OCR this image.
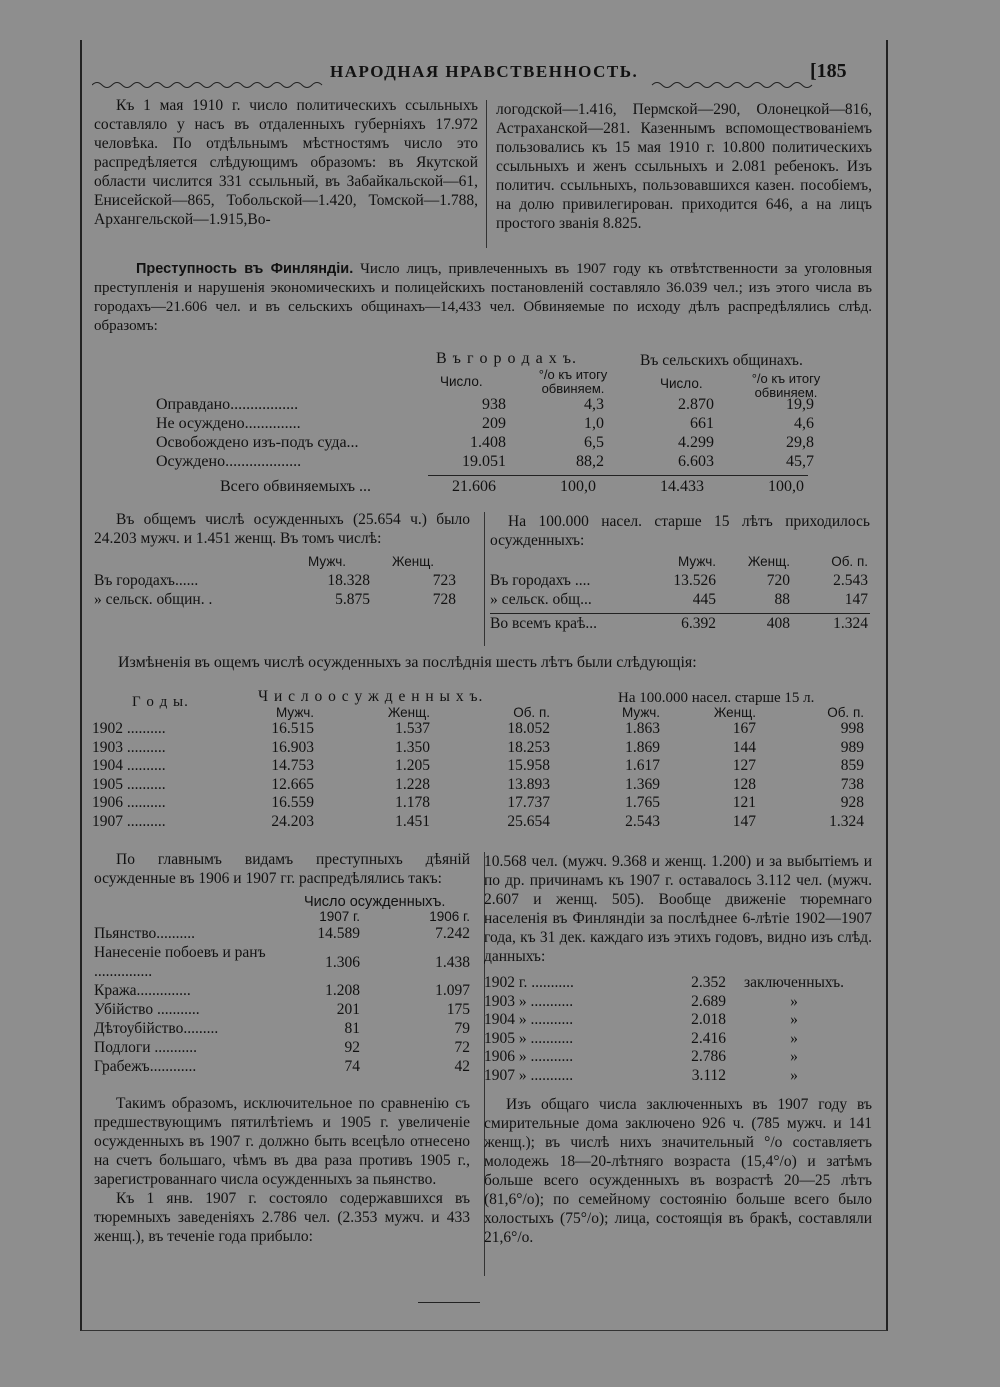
НАРОДНАЯ НРАВСТВЕННОСТЬ.	[185

Къ 1 мая 1910 г. число политическихъ ссыльныхъ составляло у насъ въ отдаленныхъ губерніяхъ 17.972 человѣка. По отдѣльнымъ мѣстностямъ число это распредѣляется слѣдующимъ образомъ: въ Якутской области числится 331 ссыльный, въ Забайкальской—61, Енисейской—865, Тобольской—1.420, Томской—1.788, Архангельской—1.915,Во-

логодской—1.416, Пермской—290, Олонецкой—816, Астраханской—281. Казеннымъ вспомоществованіемъ пользовались къ 15 мая 1910 г. 10.800 политическихъ ссыльныхъ и женъ ссыльныхъ и 2.081 ребенокъ. Изъ политич. ссыльныхъ, пользовавшихся казен. пособіемъ, на долю привилегирован. приходится 646, а на лицъ простого званія 8.825.

Преступность въ Финляндіи. Число лицъ, привлеченныхъ въ 1907 году къ отвѣтственности за уголовныя преступленія и нарушенія экономическихъ и полицейскихъ постановленій составляло 36.039 чел.; изъ этого числа въ городахъ—21.606 чел. и въ сельскихъ общинахъ—14,433 чел. Обвиняемые по исходу дѣлъ распредѣлялись слѣд. образомъ:

В ъ г о р о д а х ъ.	Въ сельскихъ общинахъ.
Число.	°/о къ итогу обвиняем.	Число.	°/о къ итогу обвиняем.
Оправдано.................	938	4,3	2.870	19,9
Не осуждено..............	209	1,0	661	4,6
Освобождено изъ-подъ суда...	1.408	6,5	4.299	29,8
Осуждено...................	19.051	88,2	6.603	45,7
Всего обвиняемыхъ ...	21.606	100,0	14.433	100,0

Въ общемъ числѣ осужденныхъ (25.654 ч.) было 24.203 мужч. и 1.451 женщ. Въ томъ числѣ:

	Мужч.	Женщ.
Въ городахъ......	18.328	723
» сельск. общин. .	5.875	728

На 100.000 насел. старше 15 лѣтъ приходилось осужденныхъ:

	Мужч.	Женщ.	Об. п.
Въ городахъ ....	13.526	720	2.543
» сельск. общ...	445	88	147
Во всемъ краѣ...	6.392	408	1.324
Измѣненія въ ощемъ числѣ осужденныхъ за послѣднія шесть лѣтъ были слѣдующія:
Г о д ы.	Ч и с л о о с у ж д е н н ы х ъ.	На 100.000 насел. старше 15 л.
	Мужч.	Женщ.	Об. п.	Мужч.	Женщ.	Об. п.
1902 ..........	16.515	1.537	18.052	1.863	167	998
1903 ..........	16.903	1.350	18.253	1.869	144	989
1904 ..........	14.753	1.205	15.958	1.617	127	859
1905 ..........	12.665	1.228	13.893	1.369	128	738
1906 ..........	16.559	1.178	17.737	1.765	121	928
1907 ..........	24.203	1.451	25.654	2.543	147	1.324

По главнымъ видамъ преступныхъ дѣяній осужденные въ 1906 и 1907 гг. распредѣлялись такъ:

Число осужденныхъ.
	1907 г.	1906 г.
Пьянство..........	14.589	7.242
Нанесеніе побоевъ и ранъ ...............	1.306	1.438
Кража..............	1.208	1.097
Убійство ...........	201	175
Дѣтоубійство.........	81	79
Подлоги ...........	92	72
Грабежъ............	74	42

Такимъ образомъ, исключительное по сравненію съ предшествующимъ пятилѣтіемъ и 1905 г. увеличеніе осужденныхъ въ 1907 г. должно быть всецѣло отнесено на счетъ большаго, чѣмъ въ два раза противъ 1905 г., зарегистрованнаго числа осужденныхъ за пьянство.

Къ 1 янв. 1907 г. состояло содержавшихся въ тюремныхъ заведеніяхъ 2.786 чел. (2.353 мужч. и 433 женщ.), въ теченіе года прибыло:

10.568 чел. (мужч. 9.368 и женщ. 1.200) и за выбытіемъ и по др. причинамъ къ 1907 г. оставалось 3.112 чел. (мужч. 2.607 и женщ. 505). Вообще движеніе тюремнаго населенія въ Финляндіи за послѣднее 6-лѣтіе 1902—1907 года, къ 31 дек. каждаго изъ этихъ годовъ, видно изъ слѣд. данныхъ:

1902 г. ...........	2.352	заключенныхъ.
1903 » ...........	2.689	»
1904 » ...........	2.018	»
1905 » ...........	2.416	»
1906 » ...........	2.786	»
1907 » ...........	3.112	»

Изъ общаго числа заключенныхъ въ 1907 году въ смирительные дома заключено 926 ч. (785 мужч. и 141 женщ.); въ числѣ нихъ значительный °/о составляетъ молодежь 18—20-лѣтняго возраста (15,4°/о) и затѣмъ больше всего осужденныхъ въ возрастѣ 20—25 лѣтъ (81,6°/о); по семейному состоянію больше всего было холостыхъ (75°/о); лица, состоящія въ бракѣ, составляли 21,6°/о.
